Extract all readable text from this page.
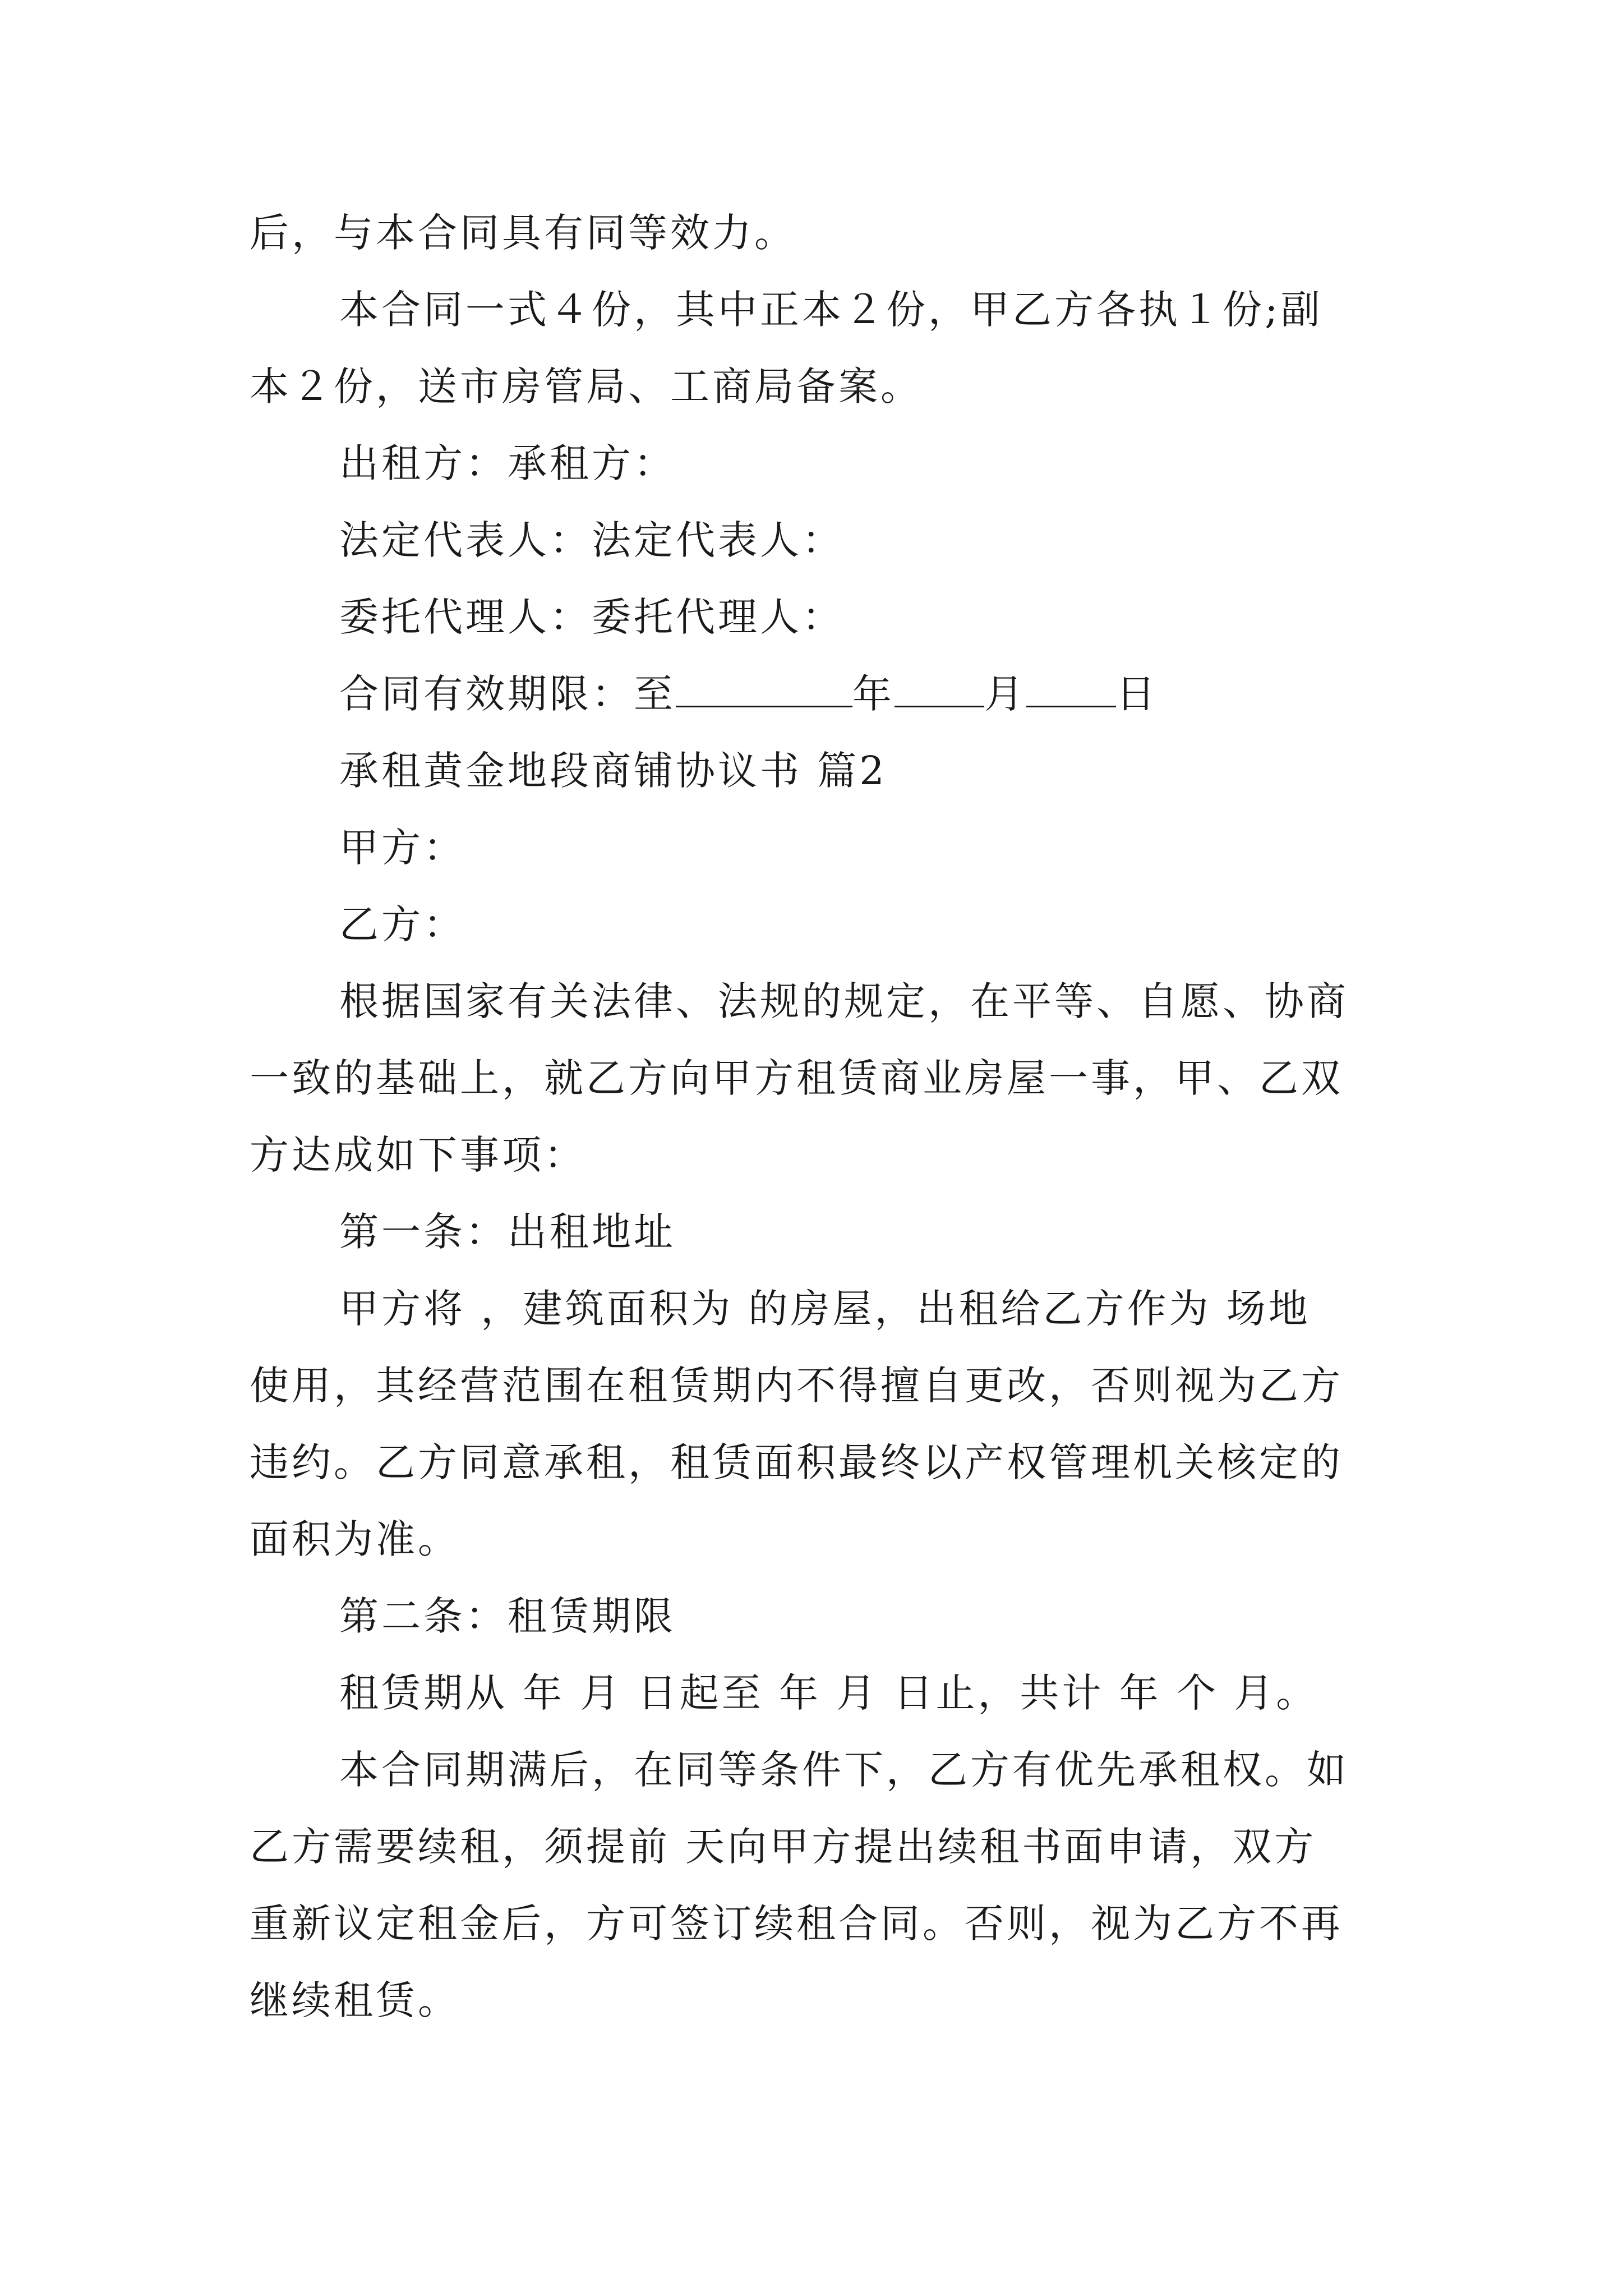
后，与本合同具有同等效力。
本合同一式４份，其中正本２份，甲乙方各执１份;副
本２份，送市房管局、工商局备案。
出租方：承租方：
法定代表人：法定代表人：
委托代理人：委托代理人：
合同有效期限：至	年 月 日
承租黄金地段商铺协议书 篇2
甲方：
乙方：
根据国家有关法律、法规的规定，在平等、自愿、协商
一致的基础上，就乙方向甲方租赁商业房屋一事，甲、乙双
方达成如下事项：
第一条：出租地址
甲方将 ，建筑面积为 的房屋，出租给乙方作为 场地
使用，其经营范围在租赁期内不得擅自更改，否则视为乙方
违约。乙方同意承租，租赁面积最终以产权管理机关核定的
面积为准。
第二条：租赁期限
租赁期从 年 月 日起至 年 月 日止，共计 年 个 月。
本合同期满后，在同等条件下，乙方有优先承租权。如
乙方需要续租，须提前 天向甲方提出续租书面申请，双方
重新议定租金后，方可签订续租合同。否则，视为乙方不再
继续租赁。
